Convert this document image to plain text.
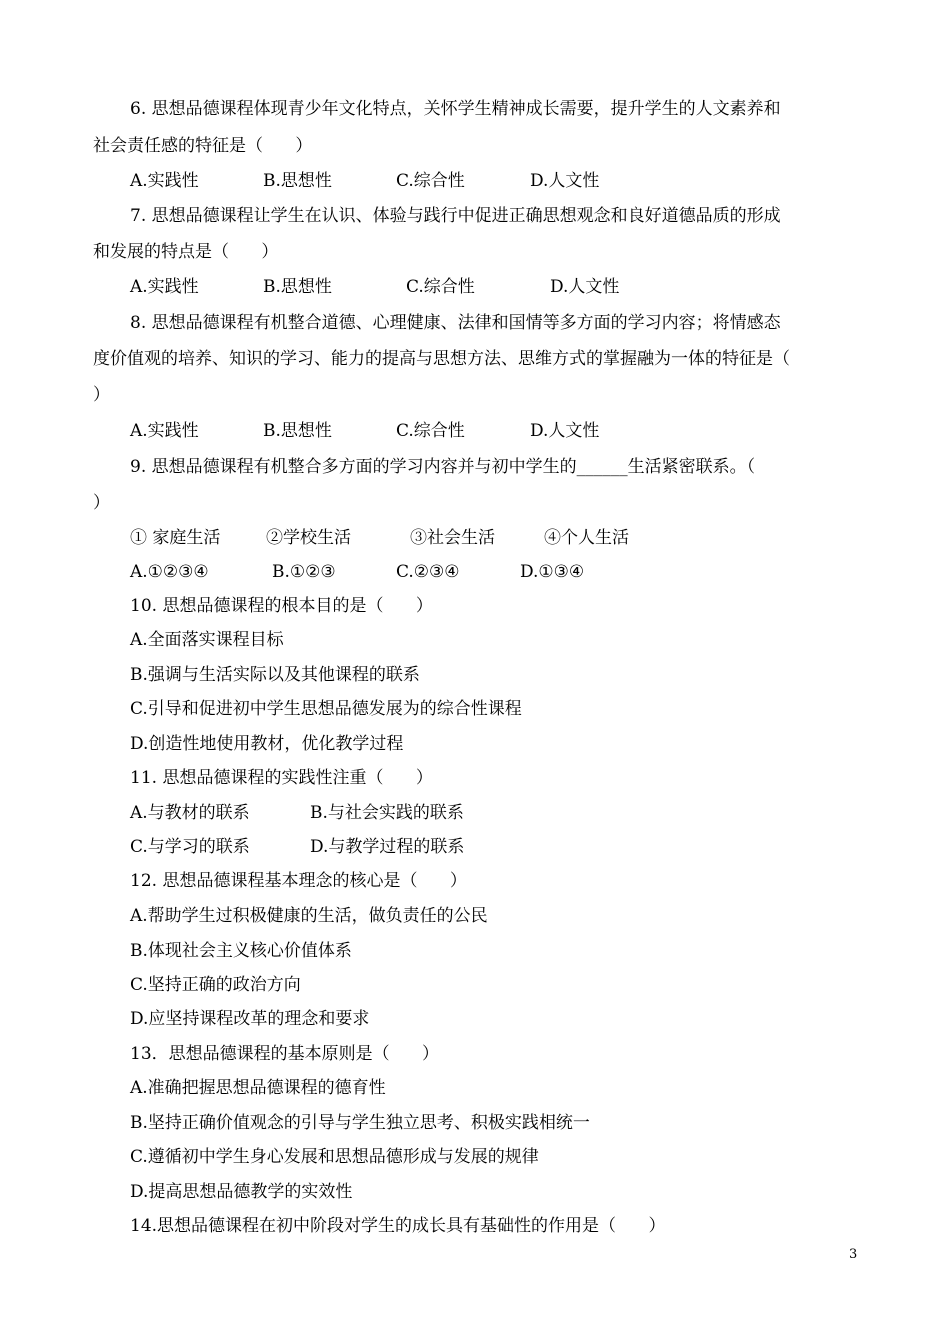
6. 思想品德课程体现青少年文化特点，关怀学生精神成长需要，提升学生的人文素养和
社会责任感的特征是（      ）

A.实践性

	B.思想性

	C.综合性

	D.人文性

7. 思想品德课程让学生在认识、体验与践行中促进正确思想观念和良好道德品质的形成
和发展的特点是（      ）

A.实践性

	B.思想性

	C.综合性

	D.人文性

8. 思想品德课程有机整合道德、心理健康、法律和国情等多方面的学习内容；将情感态
度价值观的培养、知识的学习、能力的提高与思想方法、思维方式的掌握融为一体的特征是（
）

A.实践性

	B.思想性

	C.综合性

	D.人文性

9. 思想品德课程有机整合多方面的学习内容并与初中学生的______生活紧密联系。（
）

① 家庭生活

	②学校生活

	③社会生活

	④个人生活

A.①②③④

	B.①②③

	C.②③④

	D.①③④

10. 思想品德课程的根本目的是（      ）
A.全面落实课程目标
B.强调与生活实际以及其他课程的联系
C.引导和促进初中学生思想品德发展为的综合性课程
D.创造性地使用教材，优化教学过程
11. 思想品德课程的实践性注重（      ）

A.与教材的联系

	B.与社会实践的联系

C.与学习的联系

	D.与教学过程的联系

12. 思想品德课程基本理念的核心是（      ）
A.帮助学生过积极健康的生活，做负责任的公民
B.体现社会主义核心价值体系
C.坚持正确的政治方向
D.应坚持课程改革的理念和要求
13．思想品德课程的基本原则是（      ）
A.准确把握思想品德课程的德育性
B.坚持正确价值观念的引导与学生独立思考、积极实践相统一
C.遵循初中学生身心发展和思想品德形成与发展的规律
D.提高思想品德教学的实效性
14.思想品德课程在初中阶段对学生的成长具有基础性的作用是（      ）
3
